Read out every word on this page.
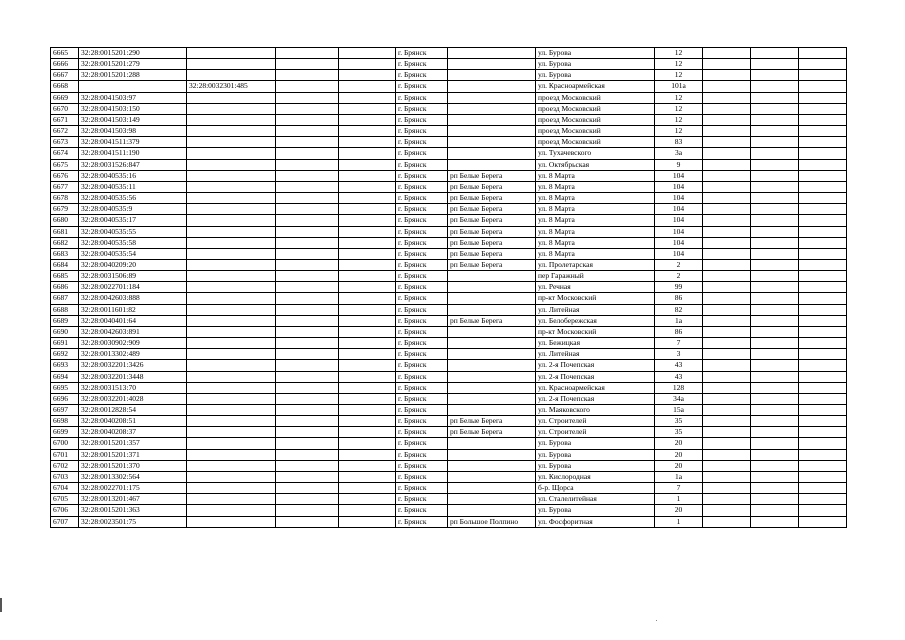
6665	32:28:0015201:290				г. Брянск		ул. Бурова	12			
6666	32:28:0015201:279				г. Брянск		ул. Бурова	12			
6667	32:28:0015201:288				г. Брянск		ул. Бурова	12			
6668		32:28:0032301:485			г. Брянск		ул. Красноармейская	101а			
6669	32:28:0041503:97				г. Брянск		проезд Московский	12			
6670	32:28:0041503:150				г. Брянск		проезд Московский	12			
6671	32:28:0041503:149				г. Брянск		проезд Московский	12			
6672	32:28:0041503:98				г. Брянск		проезд Московский	12			
6673	32:28:0041511:379				г. Брянск		проезд Московский	83			
6674	32:28:0041511:190				г. Брянск		ул. Тухачевского	3а			
6675	32:28:0031526:847				г. Брянск		ул. Октябрьская	9			
6676	32:28:0040535:16				г. Брянск	рп Белые Берега	ул. 8 Марта	104			
6677	32:28:0040535:11				г. Брянск	рп Белые Берега	ул. 8 Марта	104			
6678	32:28:0040535:56				г. Брянск	рп Белые Берега	ул. 8 Марта	104			
6679	32:28:0040535:9				г. Брянск	рп Белые Берега	ул. 8 Марта	104			
6680	32:28:0040535:17				г. Брянск	рп Белые Берега	ул. 8 Марта	104			
6681	32:28:0040535:55				г. Брянск	рп Белые Берега	ул. 8 Марта	104			
6682	32:28:0040535:58				г. Брянск	рп Белые Берега	ул. 8 Марта	104			
6683	32:28:0040535:54				г. Брянск	рп Белые Берега	ул. 8 Марта	104			
6684	32:28:0040209:20				г. Брянск	рп Белые Берега	ул. Пролетарская	2			
6685	32:28:0031506:89				г. Брянск		пер Гаражный	2			
6686	32:28:0022701:184				г. Брянск		ул. Речная	99			
6687	32:28:0042603:888				г. Брянск		пр-кт Московский	86			
6688	32:28:0011601:82				г. Брянск		ул. Литейная	82			
6689	32:28:0040401:64				г. Брянск	рп Белые Берега	ул. Белобережская	1а			
6690	32:28:0042603:891				г. Брянск		пр-кт Московский	86			
6691	32:28:0030902:909				г. Брянск		ул. Бежицкая	7			
6692	32:28:0013302:489				г. Брянск		ул. Литейная	3			
6693	32:28:0032201:3426				г. Брянск		ул. 2-я Почепская	43			
6694	32:28:0032201:3448				г. Брянск		ул. 2-я Почепская	43			
6695	32:28:0031513:70				г. Брянск		ул. Красноармейская	128			
6696	32:28:0032201:4028				г. Брянск		ул. 2-я Почепская	34а			
6697	32:28:0012828:54				г. Брянск		ул. Маяковского	15а			
6698	32:28:0040208:51				г. Брянск	рп Белые Берега	ул. Строителей	35			
6699	32:28:0040208:37				г. Брянск	рп Белые Берега	ул. Строителей	35			
6700	32:28:0015201:357				г. Брянск		ул. Бурова	20			
6701	32:28:0015201:371				г. Брянск		ул. Бурова	20			
6702	32:28:0015201:370				г. Брянск		ул. Бурова	20			
6703	32:28:0013302:564				г. Брянск		ул. Кислородная	1а			
6704	32:28:0022701:175				г. Брянск		б-р. Щорса	7			
6705	32:28:0013201:467				г. Брянск		ул. Сталелитейная	1			
6706	32:28:0015201:363				г. Брянск		ул. Бурова	20			
6707	32:28:0023501:75				г. Брянск	рп Большое Полпино	ул. Фосфоритная	1			
